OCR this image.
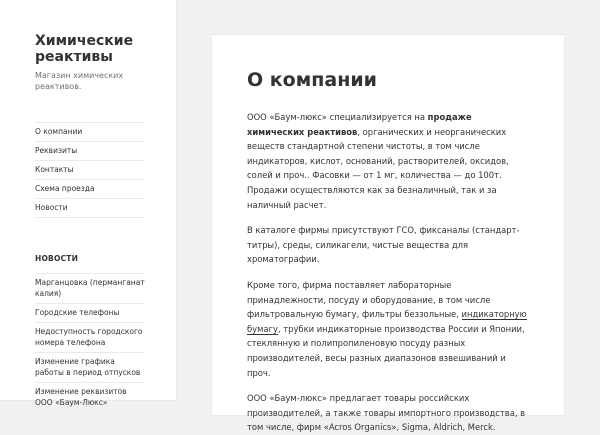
Химические реактивы

Магазин химических реактивов.

О компании
Реквизиты
Контакты
Схема проезда
Новости
НОВОСТИ
Марганцовка (перманганат калия)
Городские телефоны
Недоступность городского номера телефона
Изменение графика работы в период отпусков
Изменение реквизитов ООО «Баум-Люкс»
О компании

ООО «Баум-люкс» специализируется на продаже химических реактивов, органических и неорганических веществ стандартной степени чистоты, в том числе индикаторов, кислот, оснований, растворителей, оксидов, солей и проч.. Фасовки — от 1 мг, количества — до 100т. Продажи осуществляются как за безналичный, так и за наличный расчет.

В каталоге фирмы присутствуют ГСО, фиксаналы (стандарт-титры), среды, силикагели, чистые вещества для хроматографии.

Кроме того, фирма поставляет лабораторные принадлежности, посуду и оборудование, в том числе фильтровальную бумагу, фильтры беззольные, индикаторную бумагу, трубки индикаторные производства России и Японии, стеклянную и полипропиленовую посуду разных производителей, весы разных диапазонов взвешиваний и проч.

ООО «Баум-люкс» предлагает товары российских производителей, а также товары импортного производства, в том числе, фирм «Acros Organics», Sigma, Aldrich, Merck.
